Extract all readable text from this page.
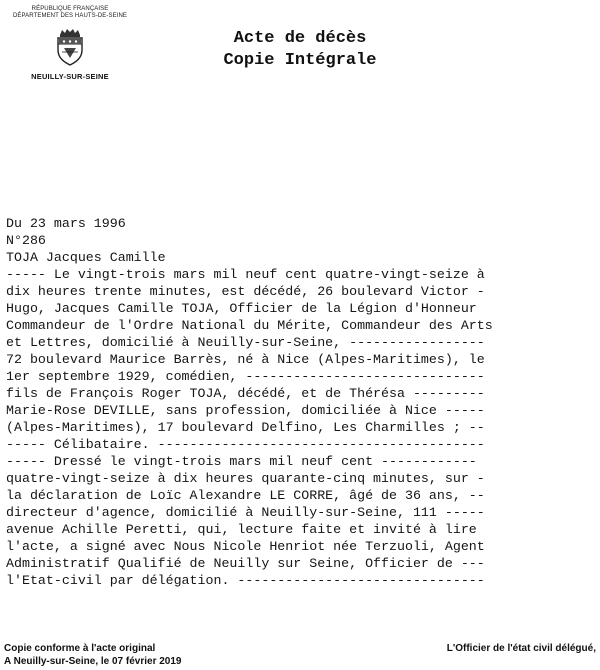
RÉPUBLIQUE FRANÇAISE
DÉPARTEMENT DES HAUTS-DE-SEINE
NEUILLY-SUR-SEINE
Acte de décès
Copie Intégrale
Du 23 mars 1996
N°286
TOJA Jacques Camille
----- Le vingt-trois mars mil neuf cent quatre-vingt-seize à
dix heures trente minutes, est décédé, 26 boulevard Victor -
Hugo, Jacques Camille TOJA, Officier de la Légion d'Honneur
Commandeur de l'Ordre National du Mérite, Commandeur des Arts
et Lettres, domicilié à Neuilly-sur-Seine, -----------------
72 boulevard Maurice Barrès, né à Nice (Alpes-Maritimes), le
1er septembre 1929, comédien, ------------------------------
fils de François Roger TOJA, décédé, et de Thérésa ---------
Marie-Rose DEVILLE, sans profession, domiciliée à Nice -----
(Alpes-Maritimes), 17 boulevard Delfino, Les Charmilles ; --
----- Célibataire. -----------------------------------------
----- Dressé le vingt-trois mars mil neuf cent ------------
quatre-vingt-seize à dix heures quarante-cinq minutes, sur -
la déclaration de Loïc Alexandre LE CORRE, âgé de 36 ans, --
directeur d'agence, domicilié à Neuilly-sur-Seine, 111 -----
avenue Achille Peretti, qui, lecture faite et invité à lire
l'acte, a signé avec Nous Nicole Henriot née Terzuoli, Agent
Administratif Qualifié de Neuilly sur Seine, Officier de ---
l'Etat-civil par délégation. -------------------------------
Copie conforme à l'acte original
A Neuilly-sur-Seine, le 07 février 2019
L'Officier de l'état civil délégué,
